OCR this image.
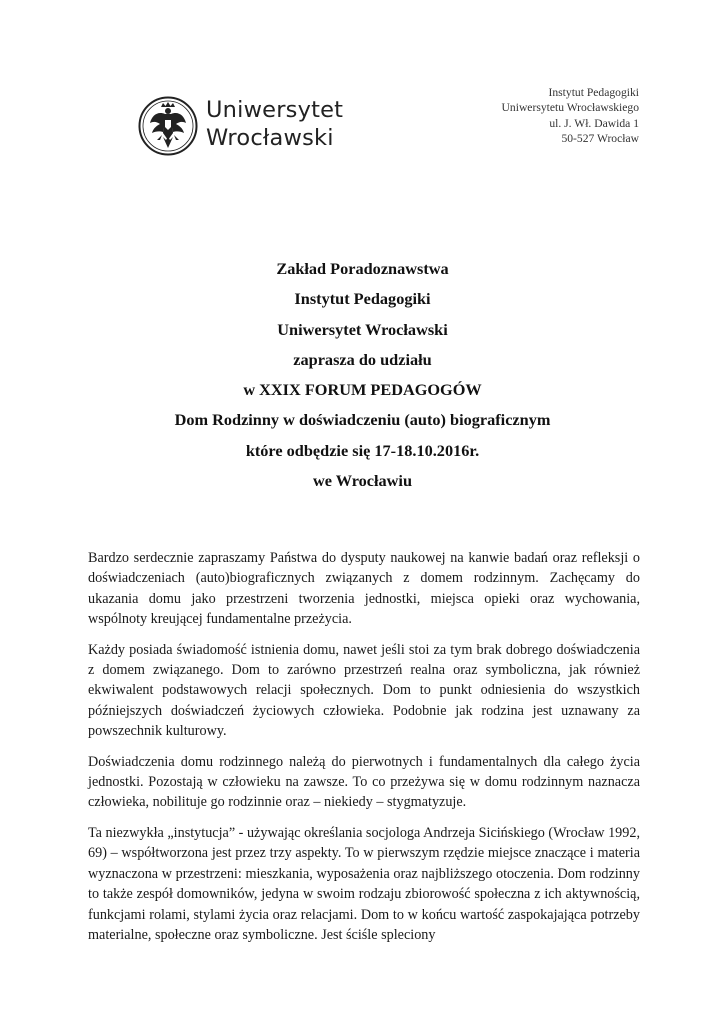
Uniwersytet
Wrocławski
Instytut Pedagogiki
Uniwersytetu Wrocławskiego
ul. J. Wł. Dawida 1
50-527 Wrocław
Zakład Poradoznawstwa
Instytut Pedagogiki
Uniwersytet Wrocławski
zaprasza do udziału
w XXIX FORUM PEDAGOGÓW
Dom Rodzinny w doświadczeniu (auto) biograficznym
które odbędzie się 17-18.10.2016r.
we Wrocławiu

Bardzo serdecznie zapraszamy Państwa do dysputy naukowej na kanwie badań oraz refleksji o doświadczeniach (auto)biograficznych związanych z domem rodzinnym. Zachęcamy do ukazania domu jako przestrzeni tworzenia jednostki, miejsca opieki oraz wychowania, wspólnoty kreującej fundamentalne przeżycia.

Każdy posiada świadomość istnienia domu, nawet jeśli stoi za tym brak dobrego doświadczenia z domem związanego. Dom to zarówno przestrzeń realna oraz symboliczna, jak również ekwiwalent podstawowych relacji społecznych. Dom to punkt odniesienia do wszystkich późniejszych doświadczeń życiowych człowieka. Podobnie jak rodzina jest uznawany za powszechnik kulturowy.

Doświadczenia domu rodzinnego należą do pierwotnych i fundamentalnych dla całego życia jednostki. Pozostają w człowieku na zawsze. To co przeżywa się w domu rodzinnym naznacza człowieka, nobilituje go rodzinnie oraz – niekiedy – stygmatyzuje.

Ta niezwykła „instytucja” - używając określania socjologa Andrzeja Sicińskiego (Wrocław 1992, 69) – współtworzona jest przez trzy aspekty. To w pierwszym rzędzie miejsce znaczące i materia wyznaczona w przestrzeni: mieszkania, wyposażenia oraz najbliższego otoczenia. Dom rodzinny to także zespół domowników, jedyna w swoim rodzaju zbiorowość społeczna z ich aktywnością, funkcjami rolami, stylami życia oraz relacjami. Dom to w końcu wartość zaspokajająca potrzeby materialne, społeczne oraz symboliczne. Jest ściśle spleciony
